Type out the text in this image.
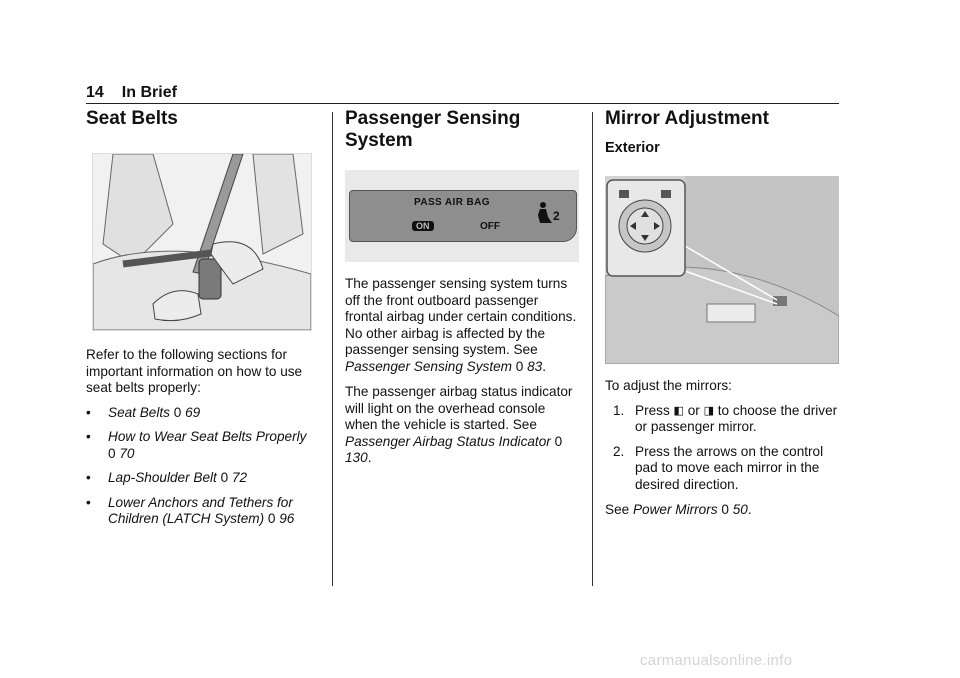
14 In Brief
Seat Belts

Refer to the following sections for important information on how to use seat belts properly:

•	Seat Belts 0 69
•	How to Wear Seat Belts Properly
0 70
•	Lap-Shoulder Belt 0 72
•	Lower Anchors and Tethers for Children (LATCH System) 0 96
Passenger Sensing
System
PASS AIR BAG
ON	OFF
2

The passenger sensing system turns off the front outboard passenger frontal airbag under certain conditions. No other airbag is affected by the passenger sensing system. See Passenger Sensing System 0 83.

The passenger airbag status indicator will light on the overhead console when the vehicle is started. See Passenger Airbag Status Indicator 0 130.

Mirror Adjustment
Exterior

To adjust the mirrors:

1. Press ◧ or ◨ to choose the driver or passenger mirror.
2. Press the arrows on the control pad to move each mirror in the desired direction.

See Power Mirrors 0 50.

carmanualsonline.info
